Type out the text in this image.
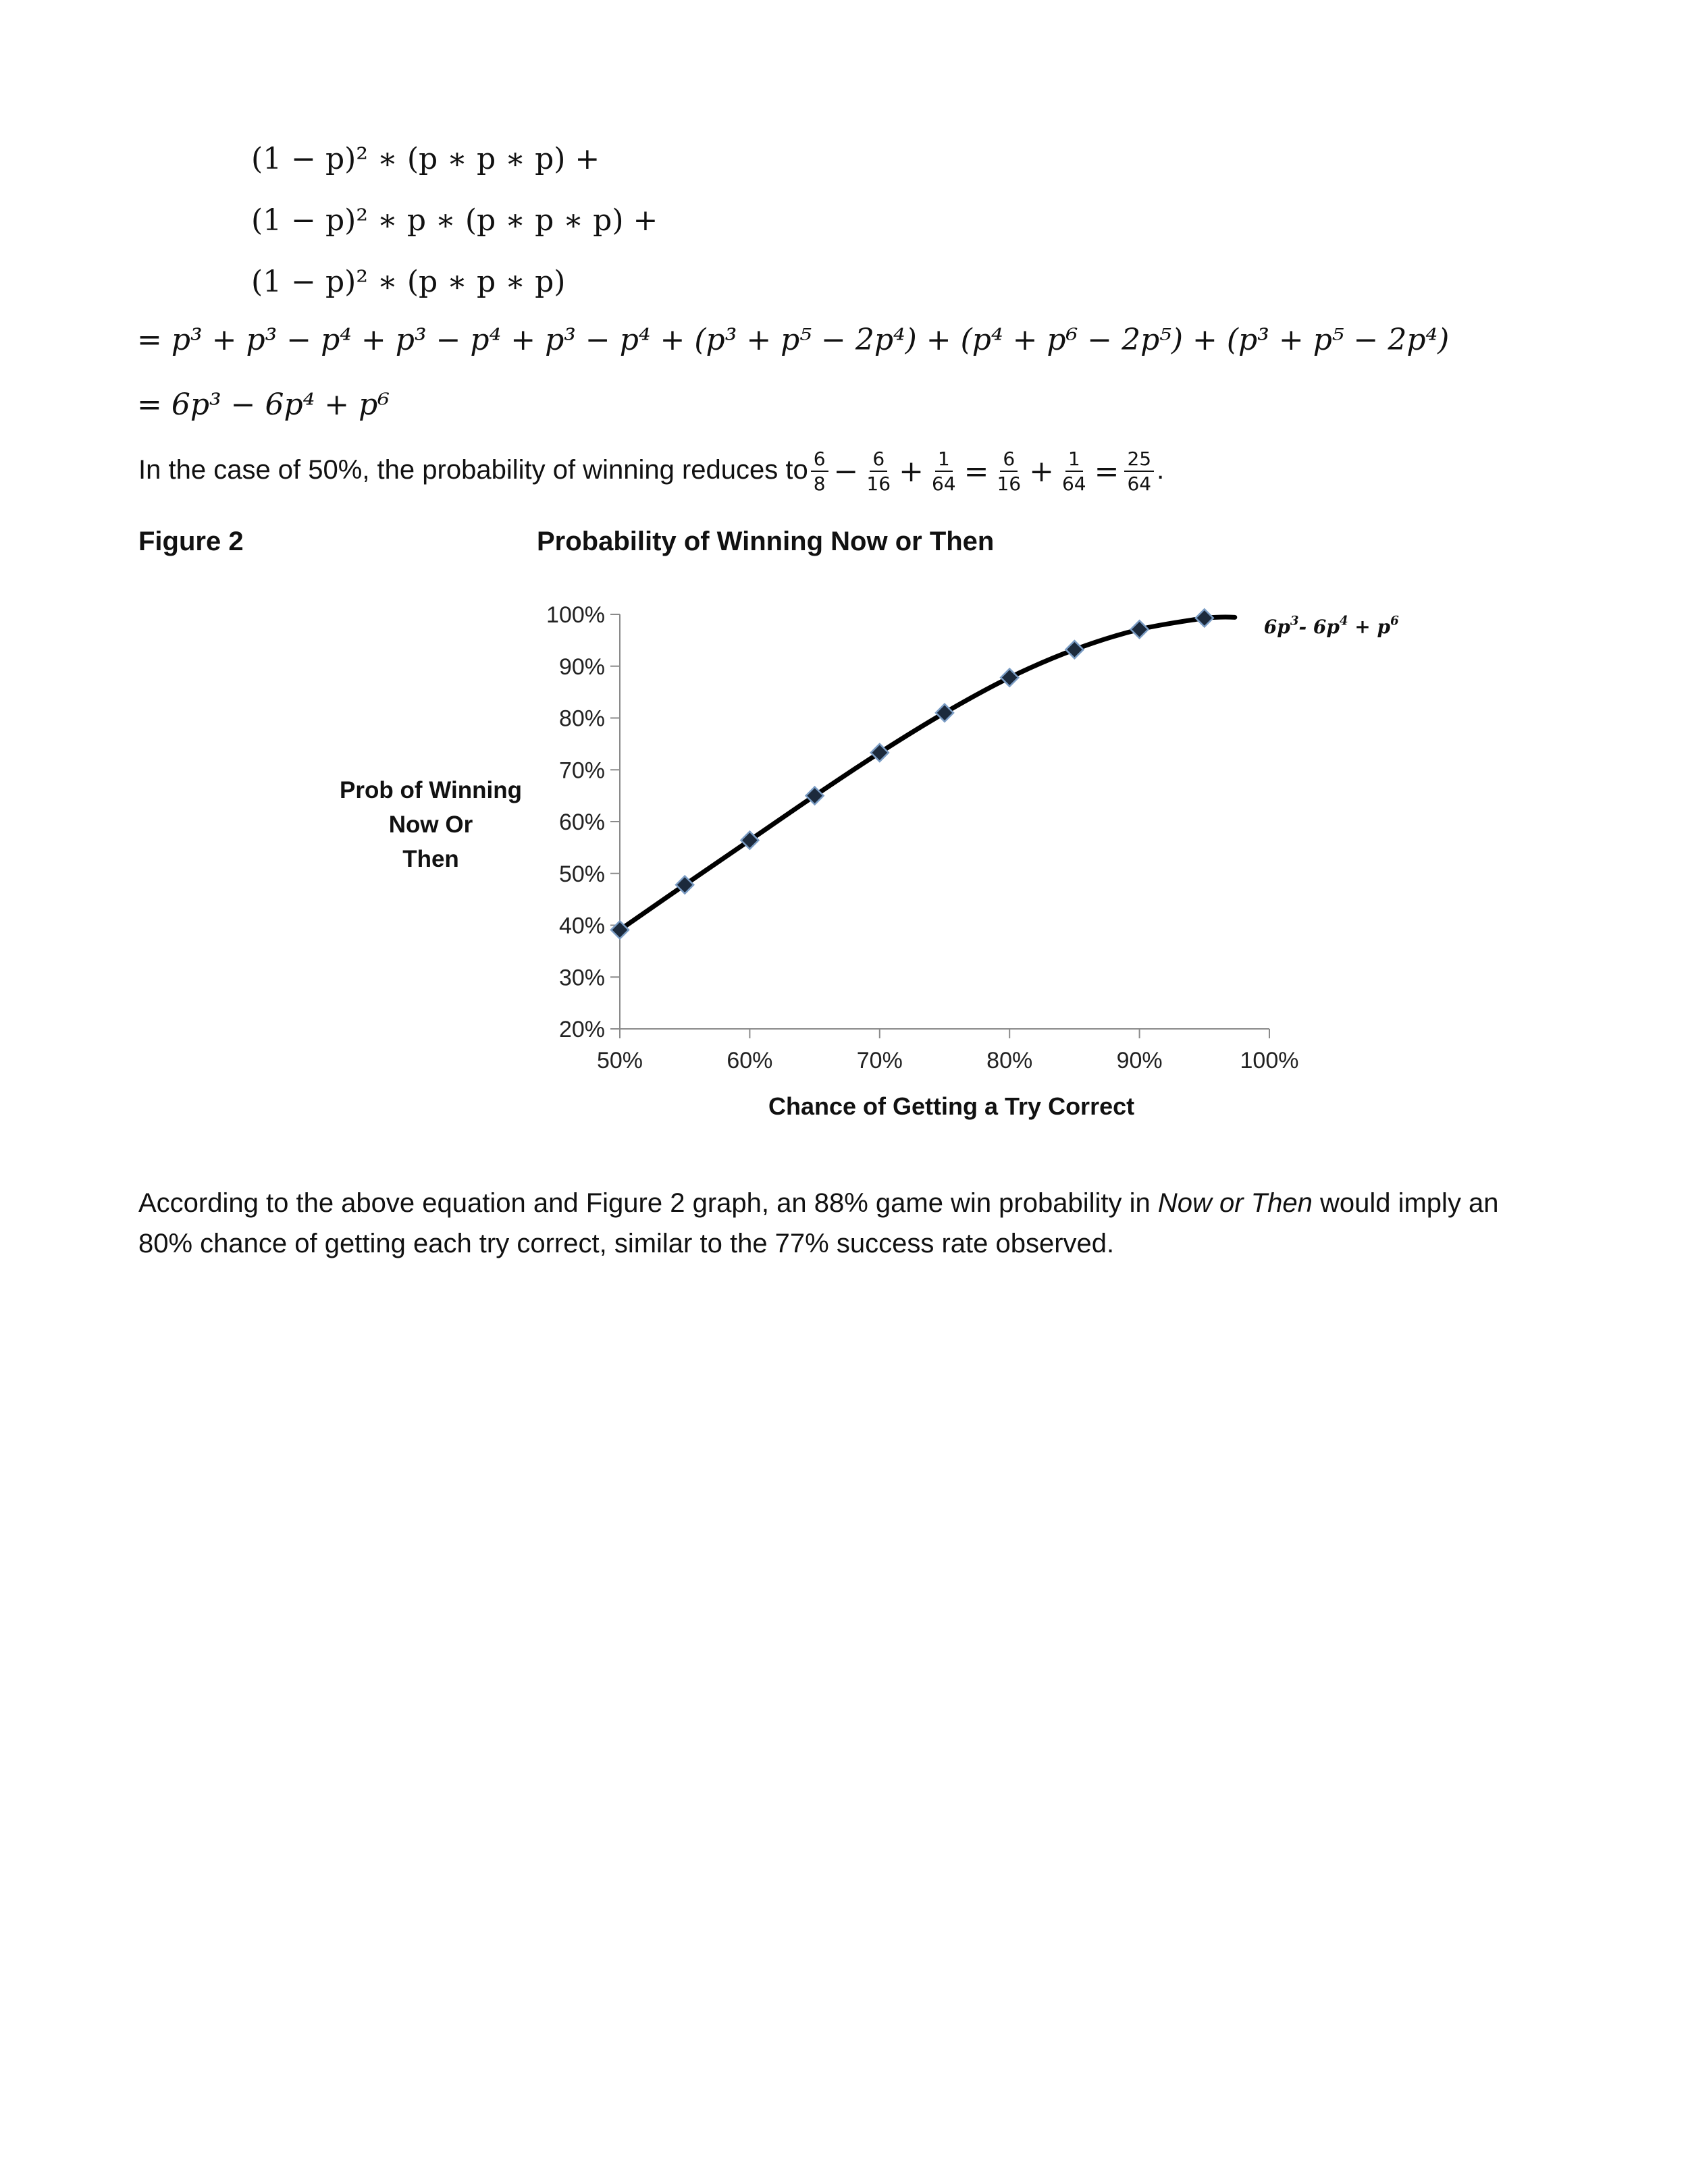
(1 − p)² ∗ (p ∗ p ∗ p) +
(1 − p)² ∗ p ∗ (p ∗ p ∗ p) +
(1 − p)² ∗ (p ∗ p ∗ p)
= p³ + p³ − p⁴ + p³ − p⁴ + p³ − p⁴ + (p³ + p⁵ − 2p⁴) + (p⁴ + p⁶ − 2p⁵) + (p³ + p⁵ − 2p⁴)
= 6p³ − 6p⁴ + p⁶
In the case of 50%, the probability of winning reduces to $\frac{6}{8} - \frac{6}{16} + \frac{1}{64} = \frac{6}{16} + \frac{1}{64} = \frac{25}{64}$ .
Figure 2	Probability of Winning Now or Then
Prob of Winning
Now Or
Then
20%
30%
40%
50%
60%
70%
80%
90%
100%
50%	60%	70%	80%	90%	100%
$6p^3-$ $6p^4 + p^6$
Chance of Getting a Try Correct
According to the above equation and Figure 2 graph, an 88% game win probability in Now or Then would imply an 80% chance of getting each try correct, similar to the 77% success rate observed.
